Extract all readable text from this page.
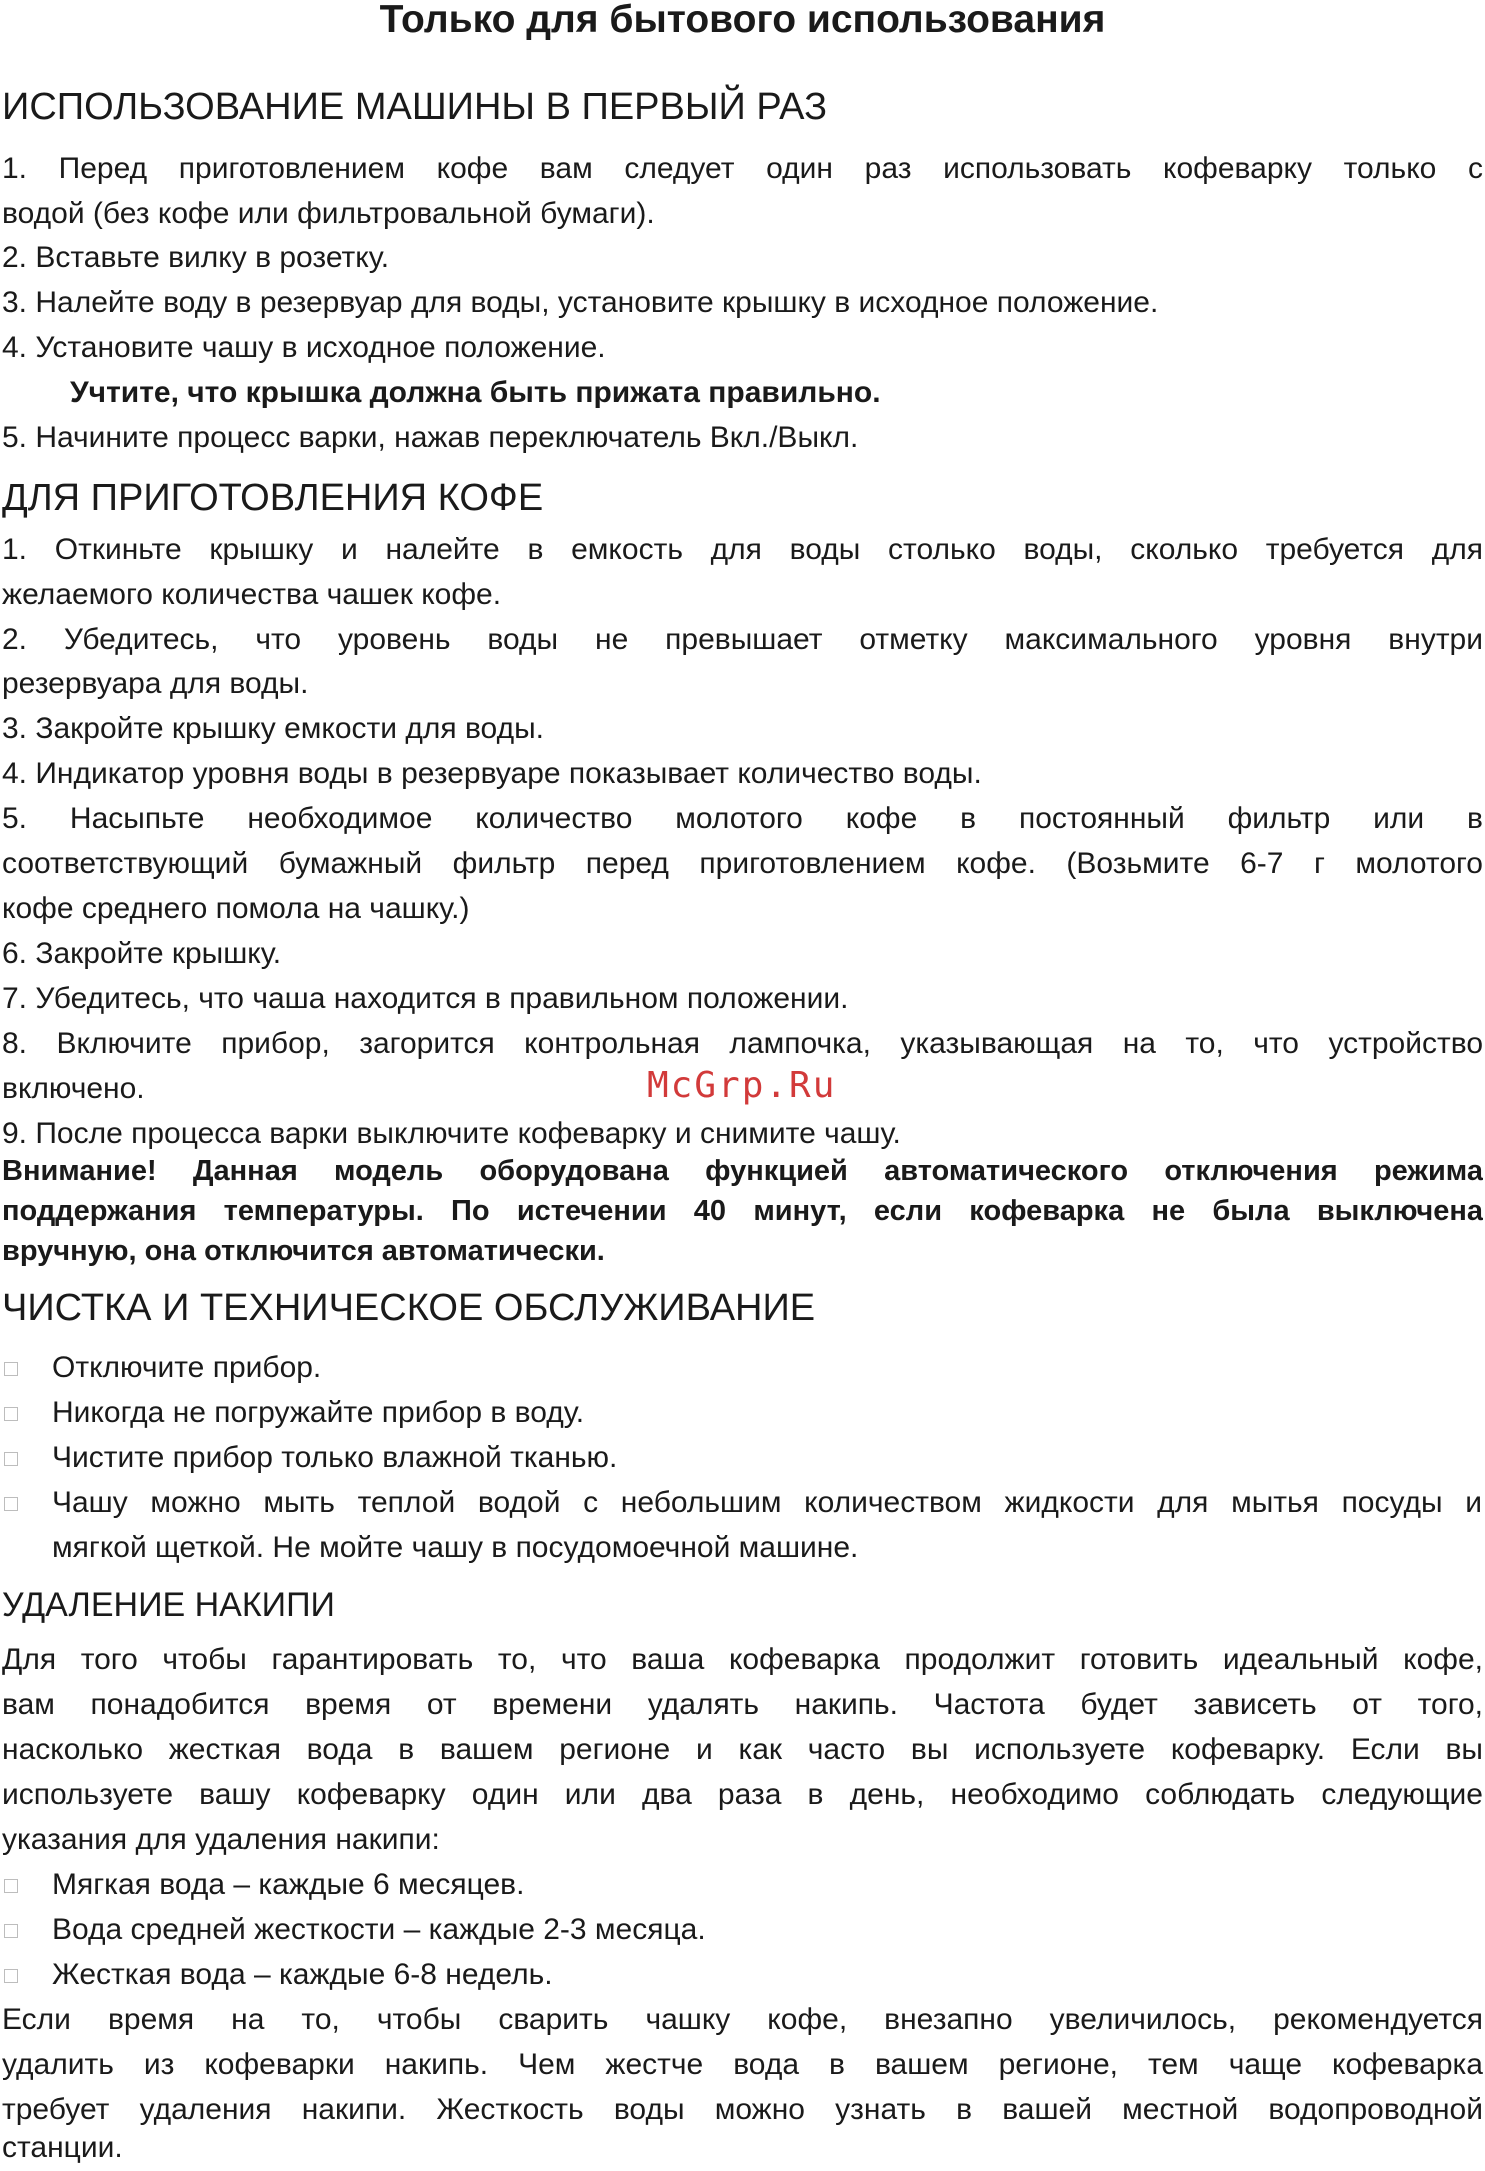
Только для бытового использования
ИСПОЛЬЗОВАНИЕ МАШИНЫ В ПЕРВЫЙ РАЗ
1. Перед приготовлением кофе вам следует один раз использовать кофеварку только с
водой (без кофе или фильтровальной бумаги).
2. Вставьте вилку в розетку.
3. Налейте воду в резервуар для воды, установите крышку в исходное положение.
4. Установите чашу в исходное положение.
Учтите, что крышка должна быть прижата правильно.
5. Начините процесс варки, нажав переключатель Вкл./Выкл.
ДЛЯ ПРИГОТОВЛЕНИЯ КОФЕ
1. Откиньте крышку и налейте в емкость для воды столько воды, сколько требуется для
желаемого количества чашек кофе.
2. Убедитесь, что уровень воды не превышает отметку максимального уровня внутри
резервуара для воды.
3. Закройте крышку емкости для воды.
4. Индикатор уровня воды в резервуаре показывает количество воды.
5. Насыпьте необходимое количество молотого кофе в постоянный фильтр или в
соответствующий бумажный фильтр перед приготовлением кофе. (Возьмите 6-7 г молотого
кофе среднего помола на чашку.)
6. Закройте крышку.
7. Убедитесь, что чаша находится в правильном положении.
8. Включите прибор, загорится контрольная лампочка, указывающая на то, что устройство
включено.
9. После процесса варки выключите кофеварку и снимите чашу.
Внимание! Данная модель оборудована функцией автоматического отключения режима
поддержания температуры. По истечении 40 минут, если кофеварка не была выключена
вручную, она отключится автоматически.
ЧИСТКА И ТЕХНИЧЕСКОЕ ОБСЛУЖИВАНИЕ
Отключите прибор.
Никогда не погружайте прибор в воду.
Чистите прибор только влажной тканью.
Чашу можно мыть теплой водой с небольшим количеством жидкости для мытья посуды и
мягкой щеткой. Не мойте чашу в посудомоечной машине.
УДАЛЕНИЕ НАКИПИ
Для того чтобы гарантировать то, что ваша кофеварка продолжит готовить идеальный кофе,
вам понадобится время от времени удалять накипь. Частота будет зависеть от того,
насколько жесткая вода в вашем регионе и как часто вы используете кофеварку. Если вы
используете вашу кофеварку один или два раза в день, необходимо соблюдать следующие
указания для удаления накипи:
Мягкая вода – каждые 6 месяцев.
Вода средней жесткости – каждые 2-3 месяца.
Жесткая вода – каждые 6-8 недель.
Если время на то, чтобы сварить чашку кофе, внезапно увеличилось, рекомендуется
удалить из кофеварки накипь. Чем жестче вода в вашем регионе, тем чаще кофеварка
требует удаления накипи. Жесткость воды можно узнать в вашей местной водопроводной
станции.
McGrp.Ru
